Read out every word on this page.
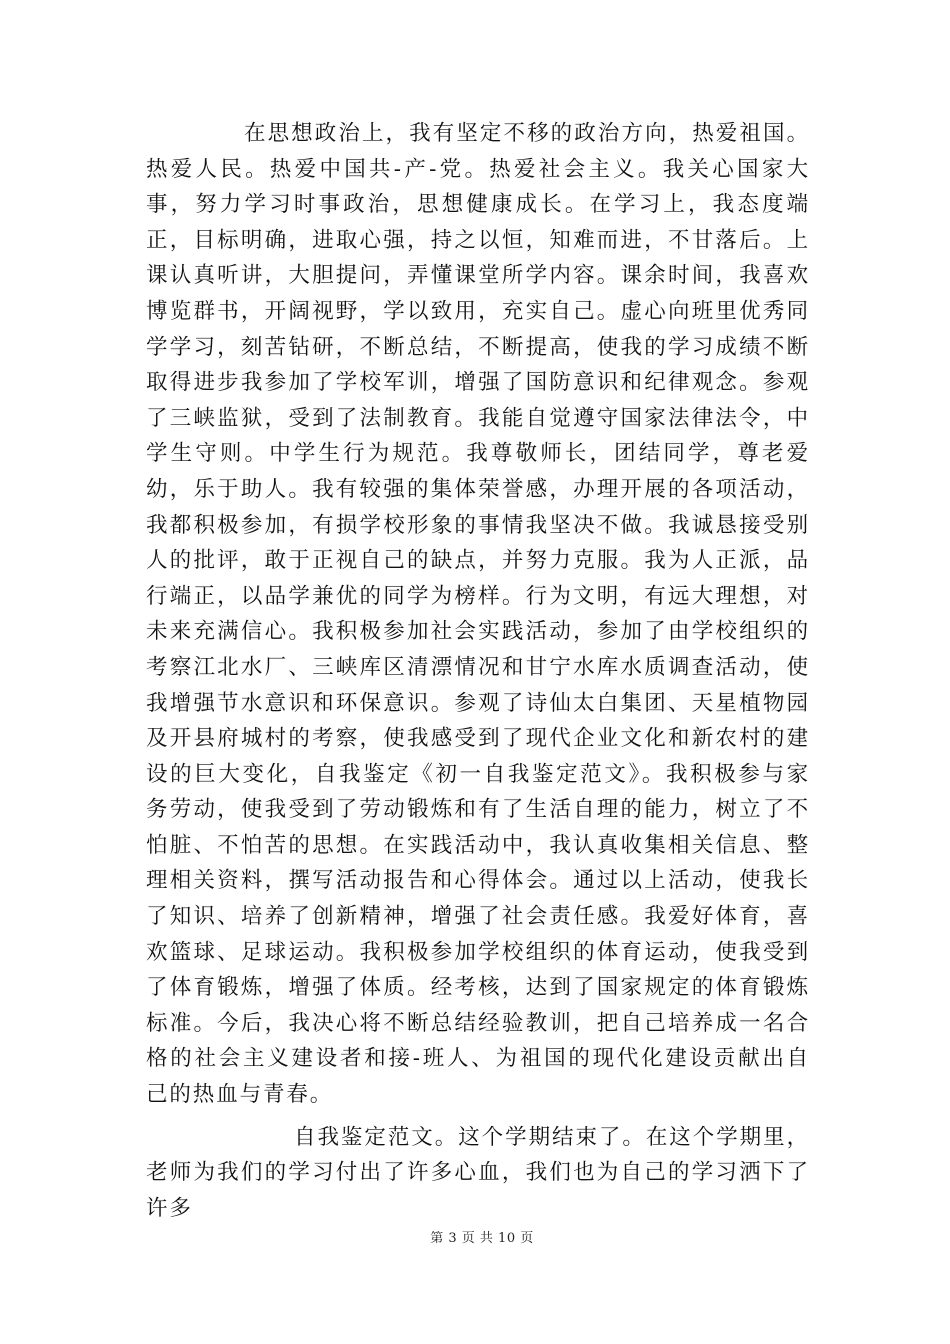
在思想政治上，我有坚定不移的政治方向，热爱祖国。热爱人民。热爱中国共-产-党。热爱社会主义。我关心国家大事，努力学习时事政治，思想健康成长。在学习上，我态度端正，目标明确，进取心强，持之以恒，知难而进，不甘落后。上课认真听讲，大胆提问，弄懂课堂所学内容。课余时间，我喜欢博览群书，开阔视野，学以致用，充实自己。虚心向班里优秀同学学习，刻苦钻研，不断总结，不断提高，使我的学习成绩不断取得进步我参加了学校军训，增强了国防意识和纪律观念。参观了三峡监狱，受到了法制教育。我能自觉遵守国家法律法令，中学生守则。中学生行为规范。我尊敬师长，团结同学，尊老爱幼，乐于助人。我有较强的集体荣誉感，办理开展的各项活动，我都积极参加，有损学校形象的事情我坚决不做。我诚恳接受别人的批评，敢于正视自己的缺点，并努力克服。我为人正派，品行端正，以品学兼优的同学为榜样。行为文明，有远大理想，对未来充满信心。我积极参加社会实践活动，参加了由学校组织的考察江北水厂、三峡库区清漂情况和甘宁水库水质调查活动，使我增强节水意识和环保意识。参观了诗仙太白集团、天星植物园及开县府城村的考察，使我感受到了现代企业文化和新农村的建设的巨大变化，自我鉴定《初一自我鉴定范文》。我积极参与家务劳动，使我受到了劳动锻炼和有了生活自理的能力，树立了不怕脏、不怕苦的思想。在实践活动中，我认真收集相关信息、整理相关资料，撰写活动报告和心得体会。通过以上活动，使我长了知识、培养了创新精神，增强了社会责任感。我爱好体育，喜欢篮球、足球运动。我积极参加学校组织的体育运动，使我受到了体育锻炼，增强了体质。经考核，达到了国家规定的体育锻炼标准。今后，我决心将不断总结经验教训，把自己培养成一名合格的社会主义建设者和接-班人、为祖国的现代化建设贡献出自己的热血与青春。

自我鉴定范文。这个学期结束了。在这个学期里，老师为我们的学习付出了许多心血，我们也为自己的学习洒下了许多

第 3 页 共 10 页
